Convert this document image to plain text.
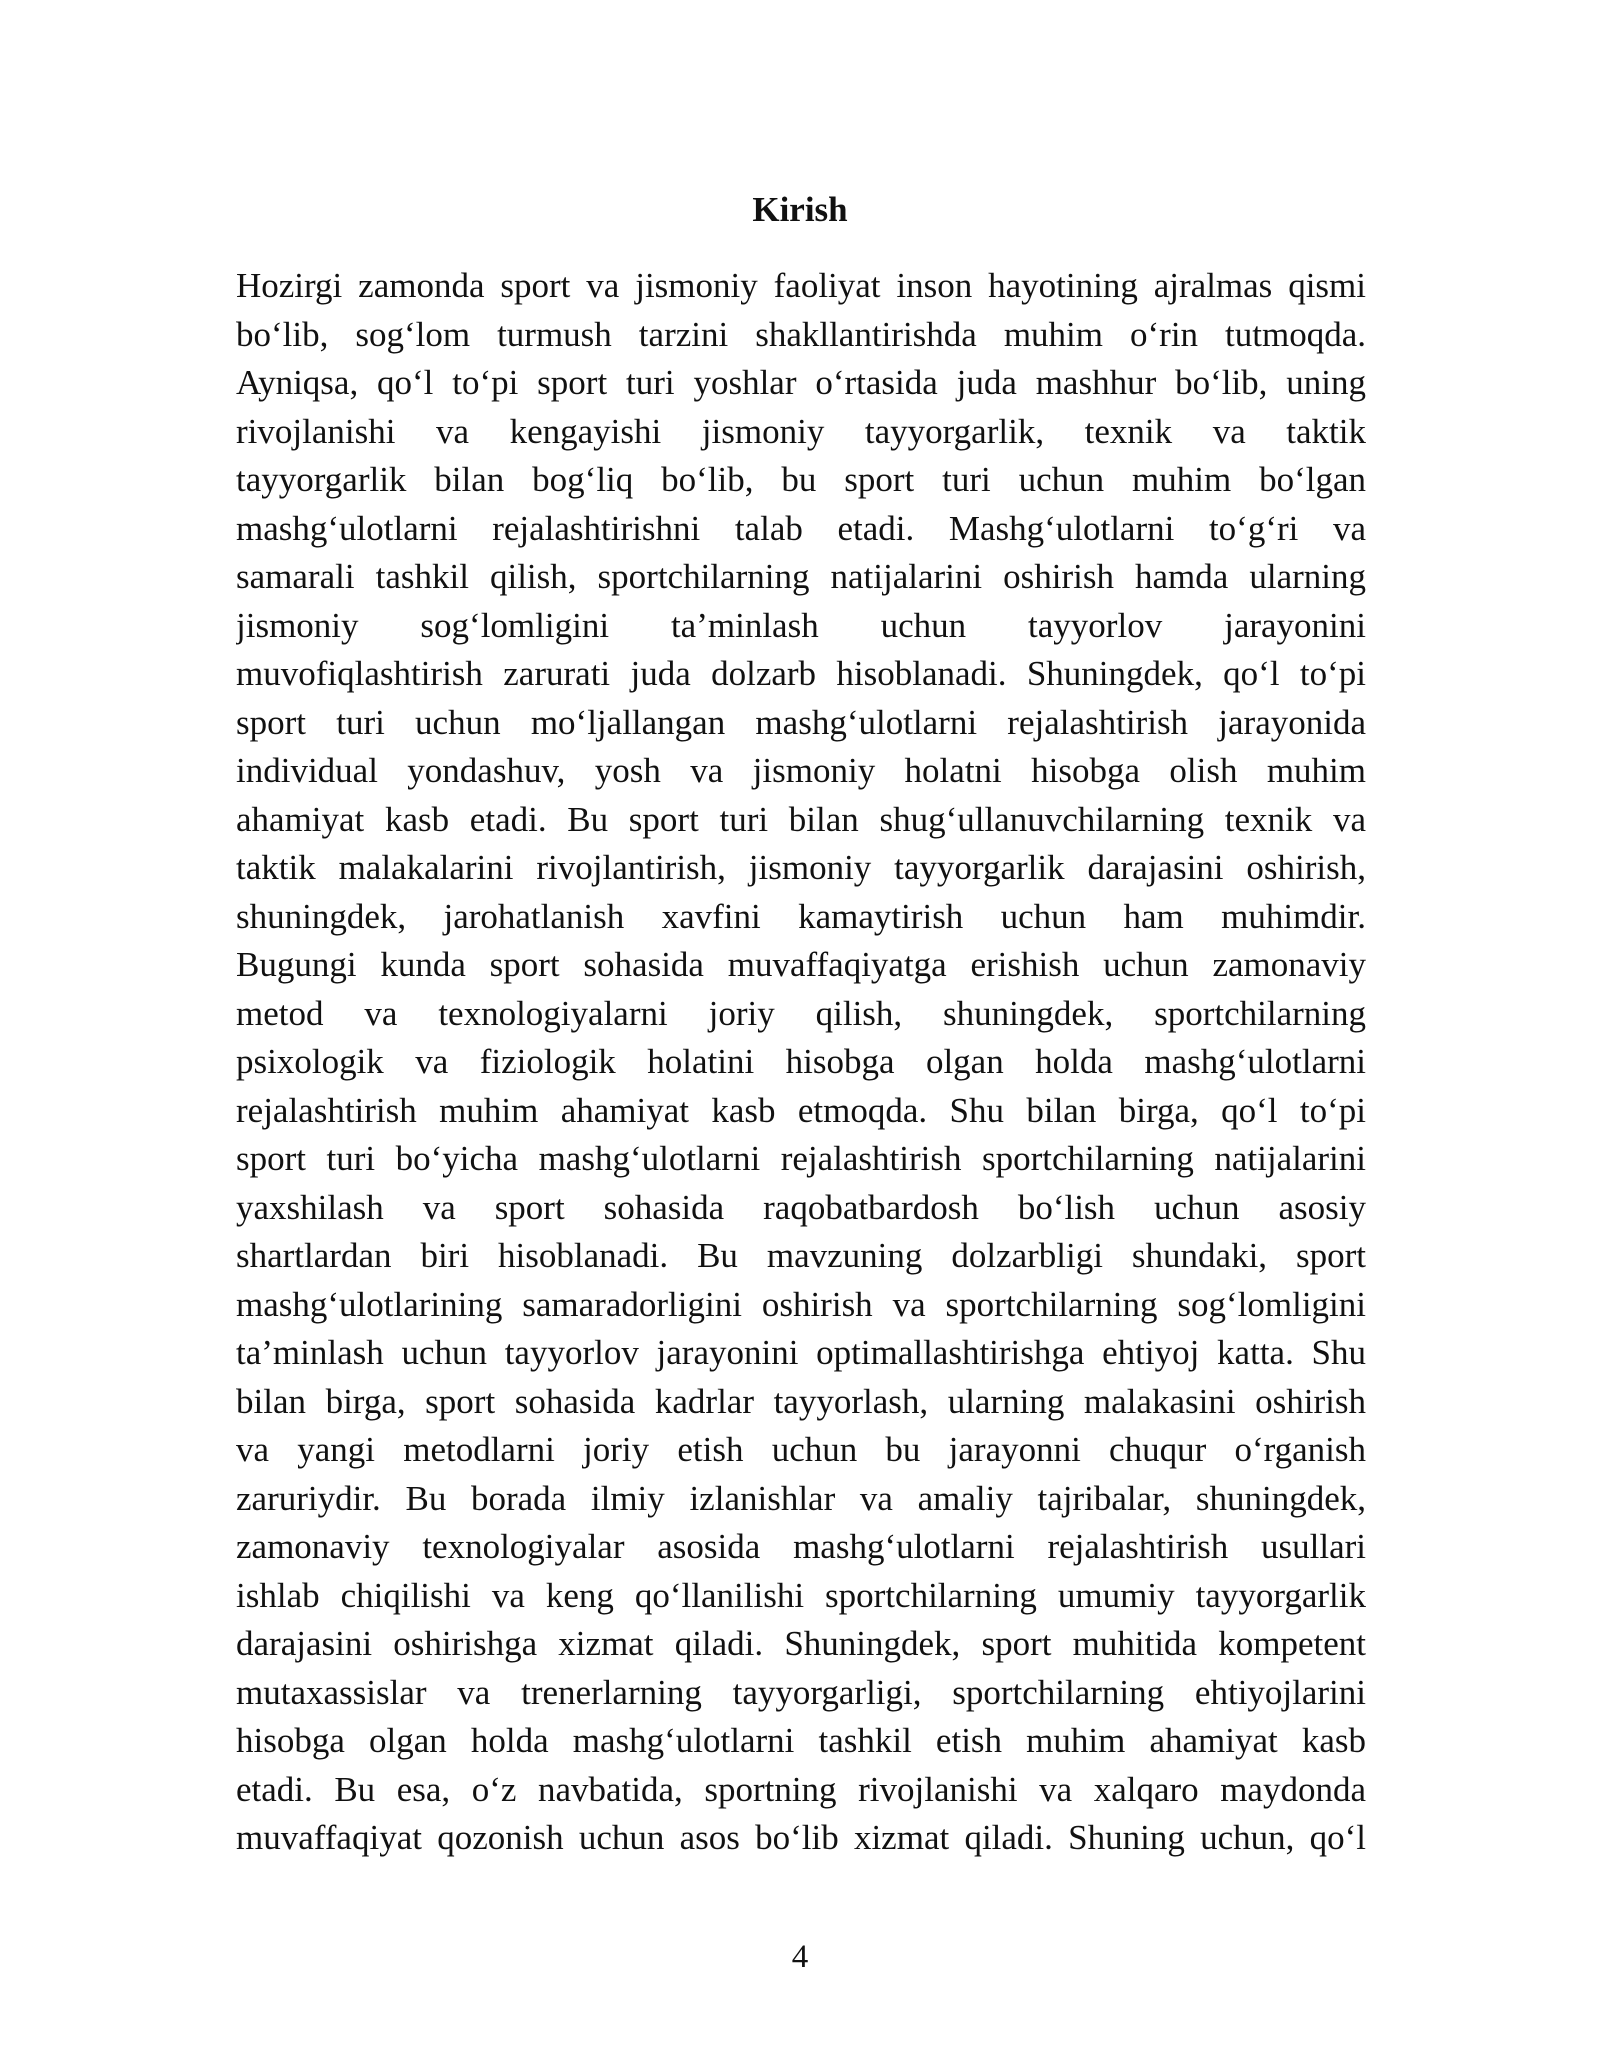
Kirish
Hozirgi zamonda sport va jismoniy faoliyat inson hayotining ajralmas qismi
bo‘lib, sog‘lom turmush tarzini shakllantirishda muhim o‘rin tutmoqda.
Ayniqsa, qo‘l to‘pi sport turi yoshlar o‘rtasida juda mashhur bo‘lib, uning
rivojlanishi va kengayishi jismoniy tayyorgarlik, texnik va taktik
tayyorgarlik bilan bog‘liq bo‘lib, bu sport turi uchun muhim bo‘lgan
mashg‘ulotlarni rejalashtirishni talab etadi. Mashg‘ulotlarni to‘g‘ri va
samarali tashkil qilish, sportchilarning natijalarini oshirish hamda ularning
jismoniy sog‘lomligini ta’minlash uchun tayyorlov jarayonini
muvofiqlashtirish zarurati juda dolzarb hisoblanadi. Shuningdek, qo‘l to‘pi
sport turi uchun mo‘ljallangan mashg‘ulotlarni rejalashtirish jarayonida
individual yondashuv, yosh va jismoniy holatni hisobga olish muhim
ahamiyat kasb etadi. Bu sport turi bilan shug‘ullanuvchilarning texnik va
taktik malakalarini rivojlantirish, jismoniy tayyorgarlik darajasini oshirish,
shuningdek, jarohatlanish xavfini kamaytirish uchun ham muhimdir.
Bugungi kunda sport sohasida muvaffaqiyatga erishish uchun zamonaviy
metod va texnologiyalarni joriy qilish, shuningdek, sportchilarning
psixologik va fiziologik holatini hisobga olgan holda mashg‘ulotlarni
rejalashtirish muhim ahamiyat kasb etmoqda. Shu bilan birga, qo‘l to‘pi
sport turi bo‘yicha mashg‘ulotlarni rejalashtirish sportchilarning natijalarini
yaxshilash va sport sohasida raqobatbardosh bo‘lish uchun asosiy
shartlardan biri hisoblanadi. Bu mavzuning dolzarbligi shundaki, sport
mashg‘ulotlarining samaradorligini oshirish va sportchilarning sog‘lomligini
ta’minlash uchun tayyorlov jarayonini optimallashtirishga ehtiyoj katta. Shu
bilan birga, sport sohasida kadrlar tayyorlash, ularning malakasini oshirish
va yangi metodlarni joriy etish uchun bu jarayonni chuqur o‘rganish
zaruriydir. Bu borada ilmiy izlanishlar va amaliy tajribalar, shuningdek,
zamonaviy texnologiyalar asosida mashg‘ulotlarni rejalashtirish usullari
ishlab chiqilishi va keng qo‘llanilishi sportchilarning umumiy tayyorgarlik
darajasini oshirishga xizmat qiladi. Shuningdek, sport muhitida kompetent
mutaxassislar va trenerlarning tayyorgarligi, sportchilarning ehtiyojlarini
hisobga olgan holda mashg‘ulotlarni tashkil etish muhim ahamiyat kasb
etadi. Bu esa, o‘z navbatida, sportning rivojlanishi va xalqaro maydonda
muvaffaqiyat qozonish uchun asos bo‘lib xizmat qiladi. Shuning uchun, qo‘l
4
